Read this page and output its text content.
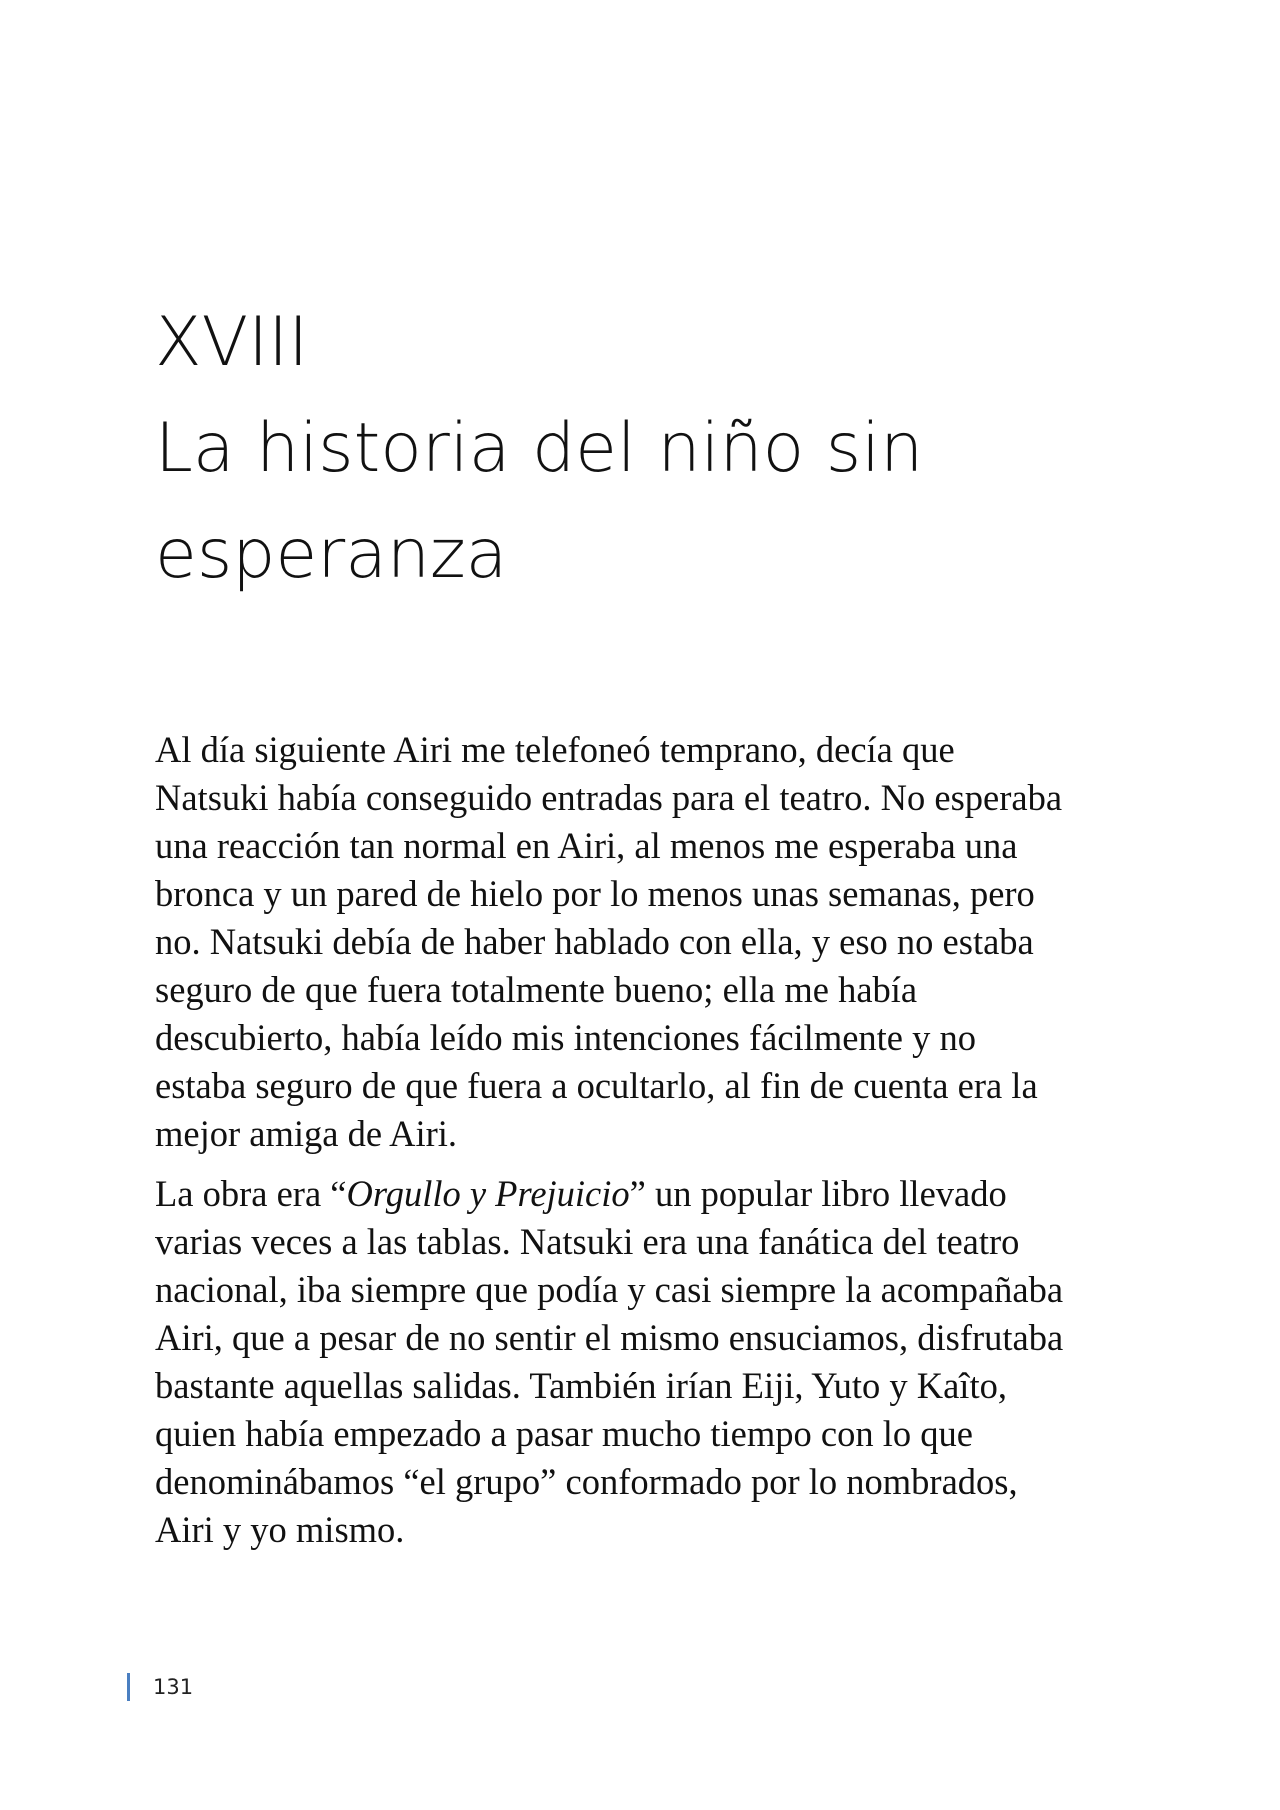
XVIII
La historia del niño sin
esperanza

Al día siguiente Airi me telefoneó temprano, decía que
Natsuki había conseguido entradas para el teatro. No esperaba
una reacción tan normal en Airi, al menos me esperaba una
bronca y un pared de hielo por lo menos unas semanas, pero
no. Natsuki debía de haber hablado con ella, y eso no estaba
seguro de que fuera totalmente bueno; ella me había
descubierto, había leído mis intenciones fácilmente y no
estaba seguro de que fuera a ocultarlo, al fin de cuenta era la
mejor amiga de Airi.

La obra era “Orgullo y Prejuicio” un popular libro llevado
varias veces a las tablas. Natsuki era una fanática del teatro
nacional, iba siempre que podía y casi siempre la acompañaba
Airi, que a pesar de no sentir el mismo ensuciamos, disfrutaba
bastante aquellas salidas. También irían Eiji, Yuto y Kaîto,
quien había empezado a pasar mucho tiempo con lo que
denominábamos “el grupo” conformado por lo nombrados,
Airi y yo mismo.

131
